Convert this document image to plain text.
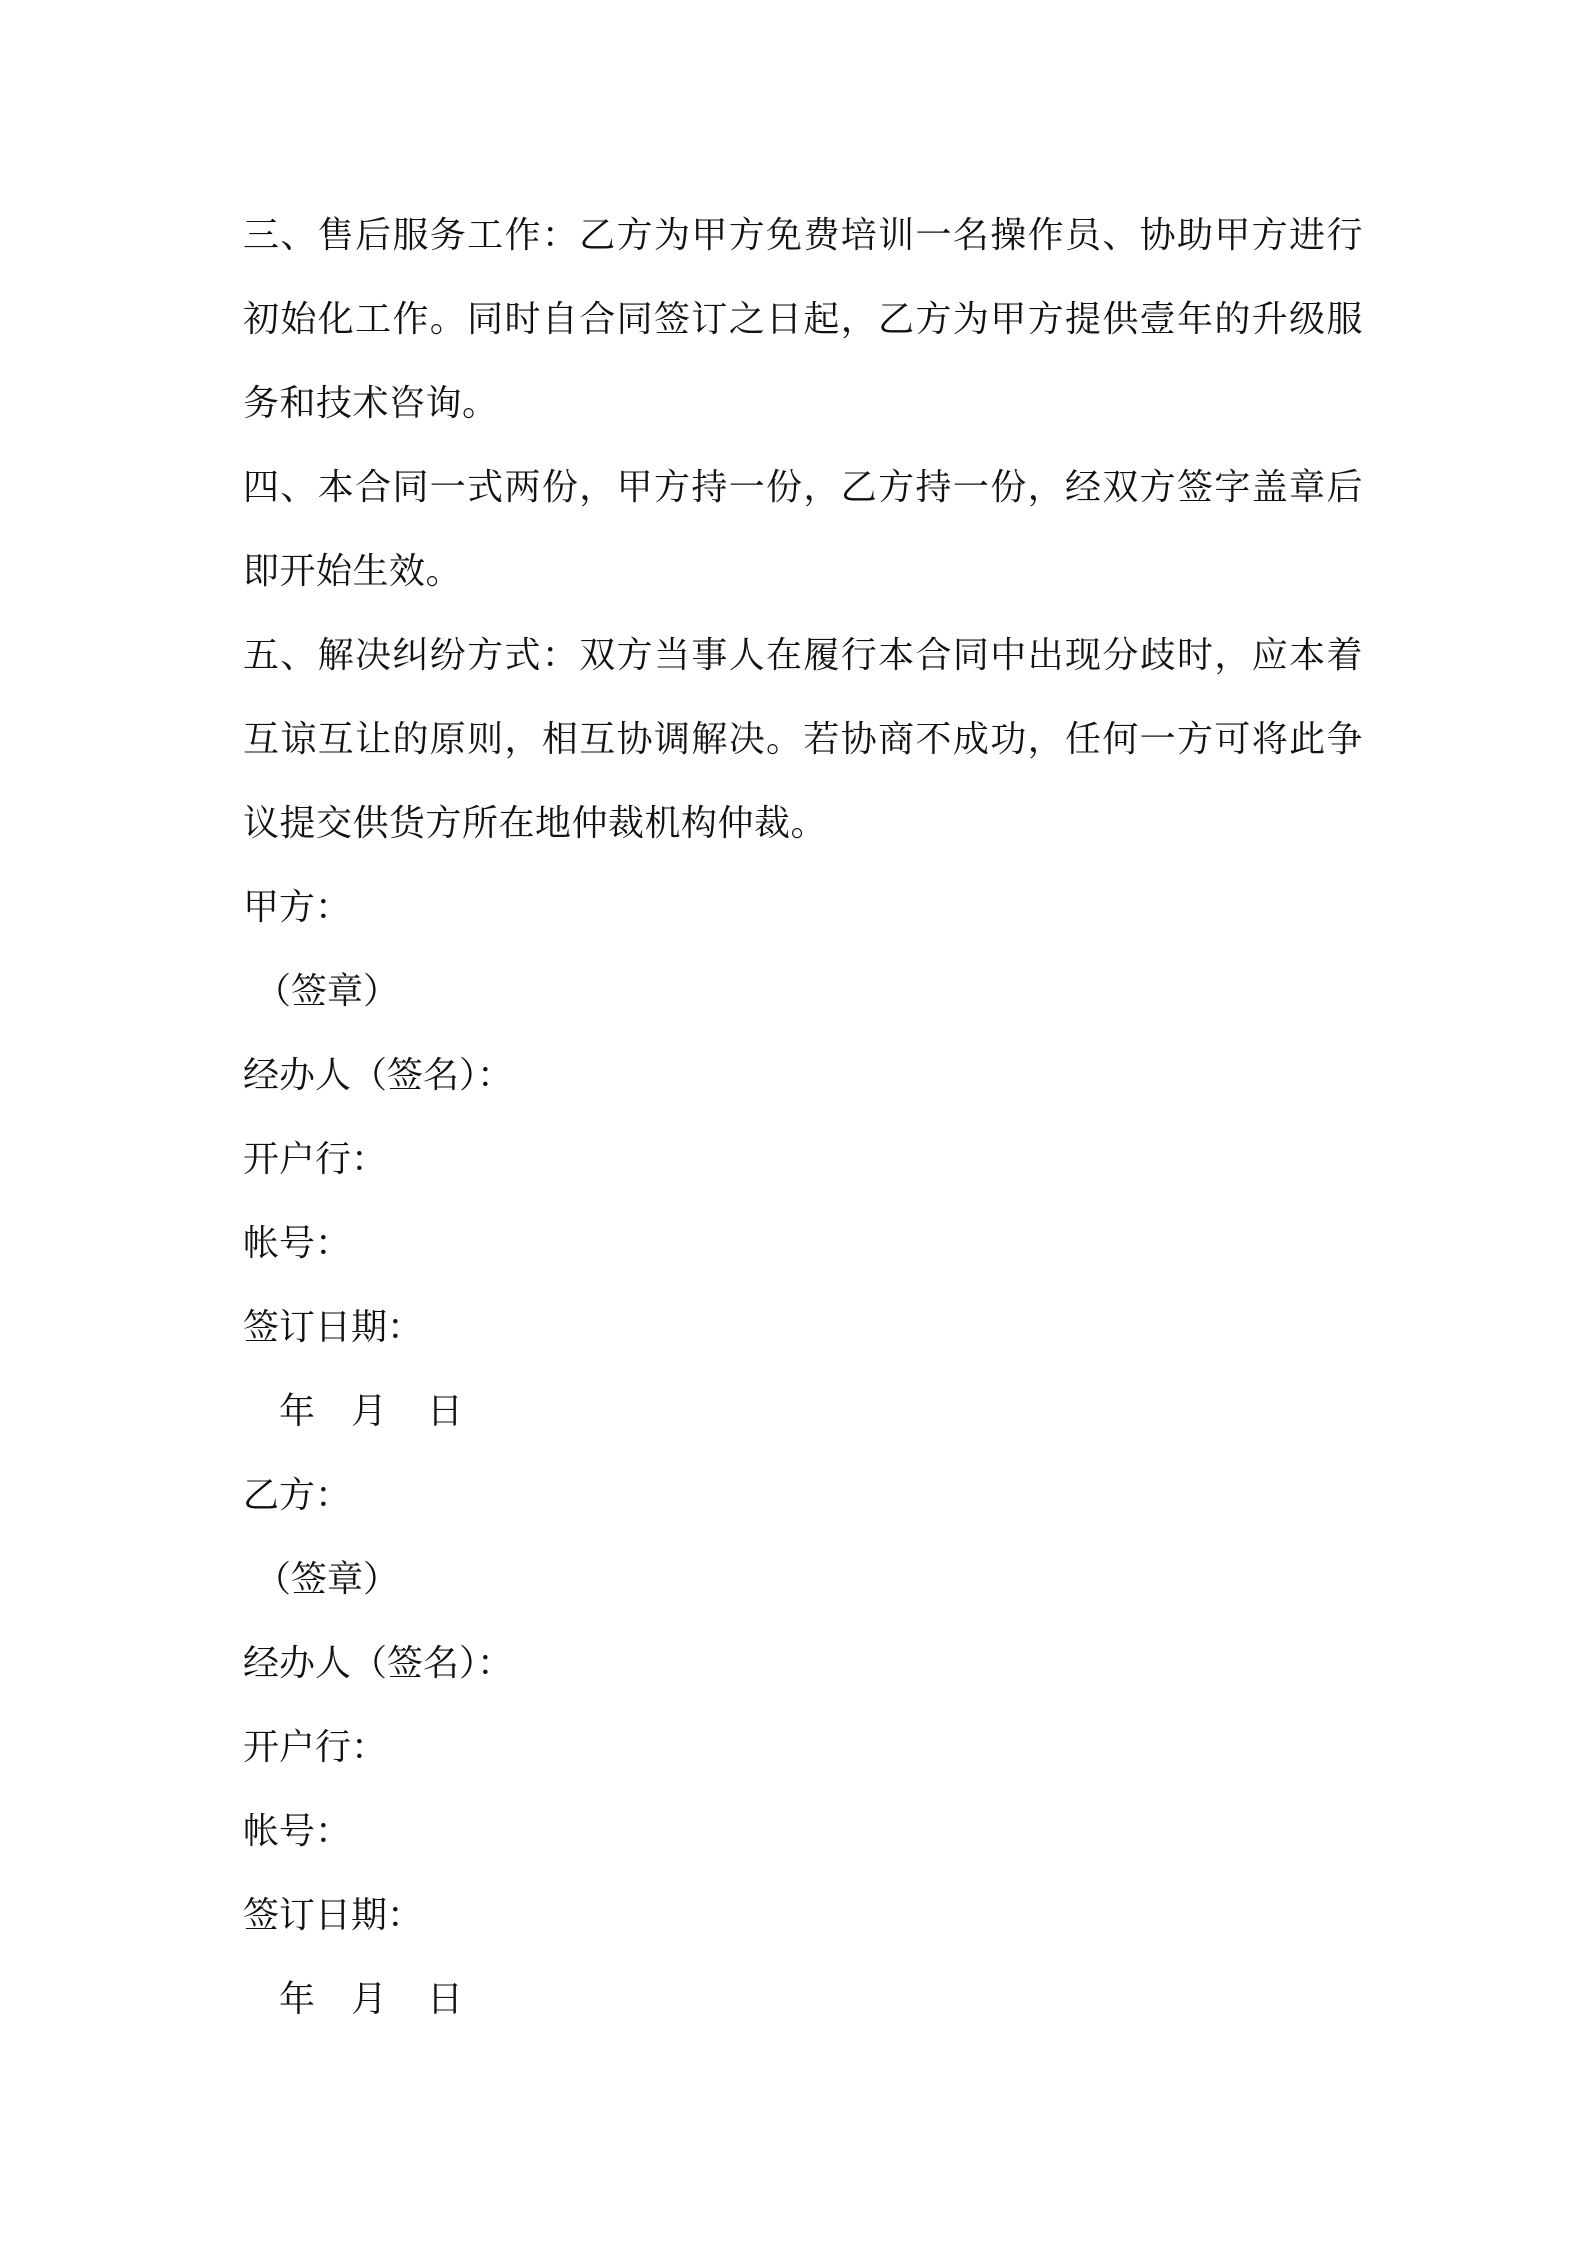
三、售后服务工作：乙方为甲方免费培训一名操作员、协助甲方进行初始化工作。同时自合同签订之日起，乙方为甲方提供壹年的升级服务和技术咨询。

四、本合同一式两份，甲方持一份，乙方持一份，经双方签字盖章后即开始生效。

五、解决纠纷方式：双方当事人在履行本合同中出现分歧时，应本着互谅互让的原则，相互协调解决。若协商不成功，任何一方可将此争议提交供货方所在地仲裁机构仲裁。

甲方：

（签章）

经办人（签名）：

开户行：

帐号：

签订日期：

年 月	日

乙方：

（签章）

经办人（签名）：

开户行：

帐号：

签订日期：

年 月	日
